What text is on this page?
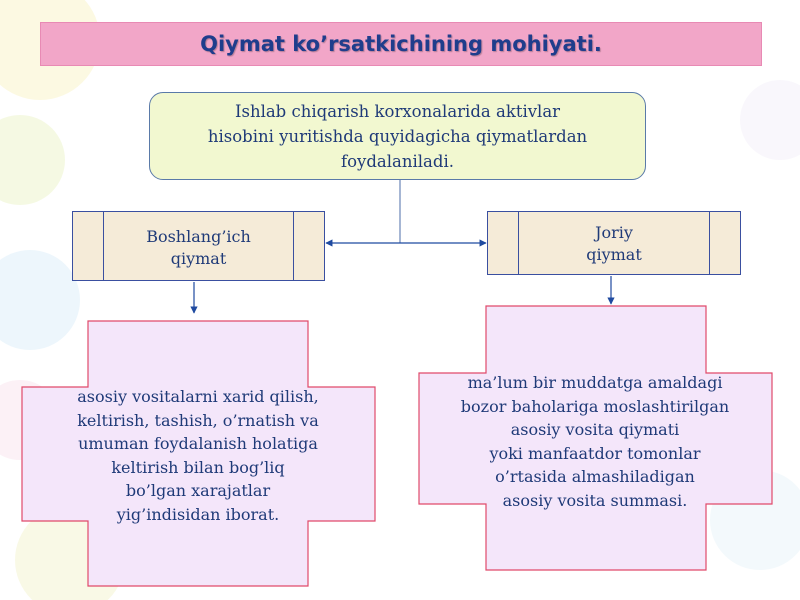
Qiymat ko’rsatkichining mohiyati.
Ishlab chiqarish korxonalarida aktivlar
hisobini yuritishda quyidagicha qiymatlardan
foydalaniladi.
Boshlang’ich
qiymat
Joriy
qiymat
asosiy vositalarni xarid qilish,
keltirish, tashish, o’rnatish va
umuman foydalanish holatiga
keltirish bilan bog’liq
bo’lgan xarajatlar
yig’indisidan iborat.
ma’lum bir muddatga amaldagi
bozor baholariga moslashtirilgan
asosiy vosita qiymati
yoki manfaatdor tomonlar
o’rtasida almashiladigan
asosiy vosita summasi.
